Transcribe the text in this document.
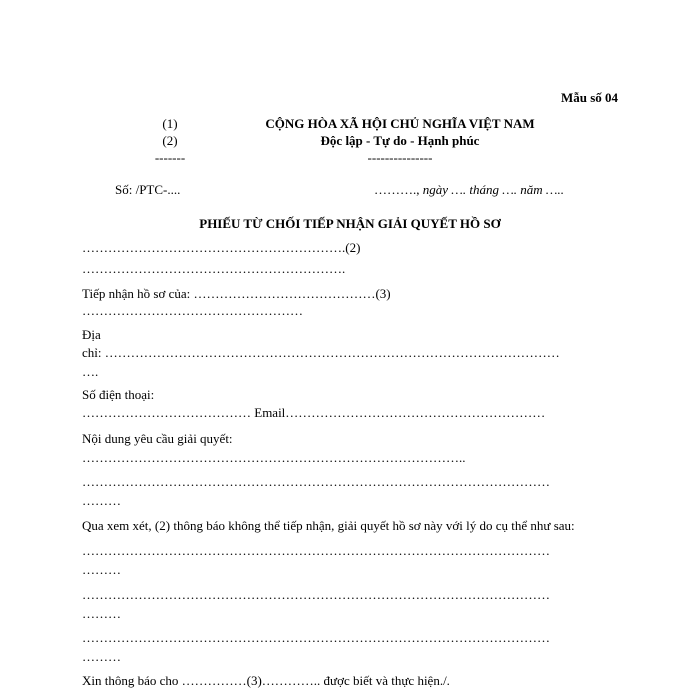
Mẫu số 04
(1)
(2)
-------
CỘNG HÒA XÃ HỘI CHỦ NGHĨA VIỆT NAM
Độc lập - Tự do - Hạnh phúc
---------------
Số: /PTC-....	………., ngày …. tháng …. năm …..
PHIẾU TỪ CHỐI TIẾP NHẬN GIẢI QUYẾT HỒ SƠ
…………………………………………………….(2)
…………………………………………………….
Tiếp nhận hồ sơ của: ……………………………………(3)
……………………………………………
Địa
chỉ: ……………………………………………………………………………………………
….
Số điện thoại:
………………………………… Email……………………………………………………
Nội dung yêu cầu giải quyết:
……………………………………………………………………………..
………………………………………………………………………………………………
………
Qua xem xét, (2) thông báo không thể tiếp nhận, giải quyết hồ sơ này với lý do cụ thể như sau:
………………………………………………………………………………………………
………
………………………………………………………………………………………………
………
………………………………………………………………………………………………
………
Xin thông báo cho ……………(3)………….. được biết và thực hiện./.
